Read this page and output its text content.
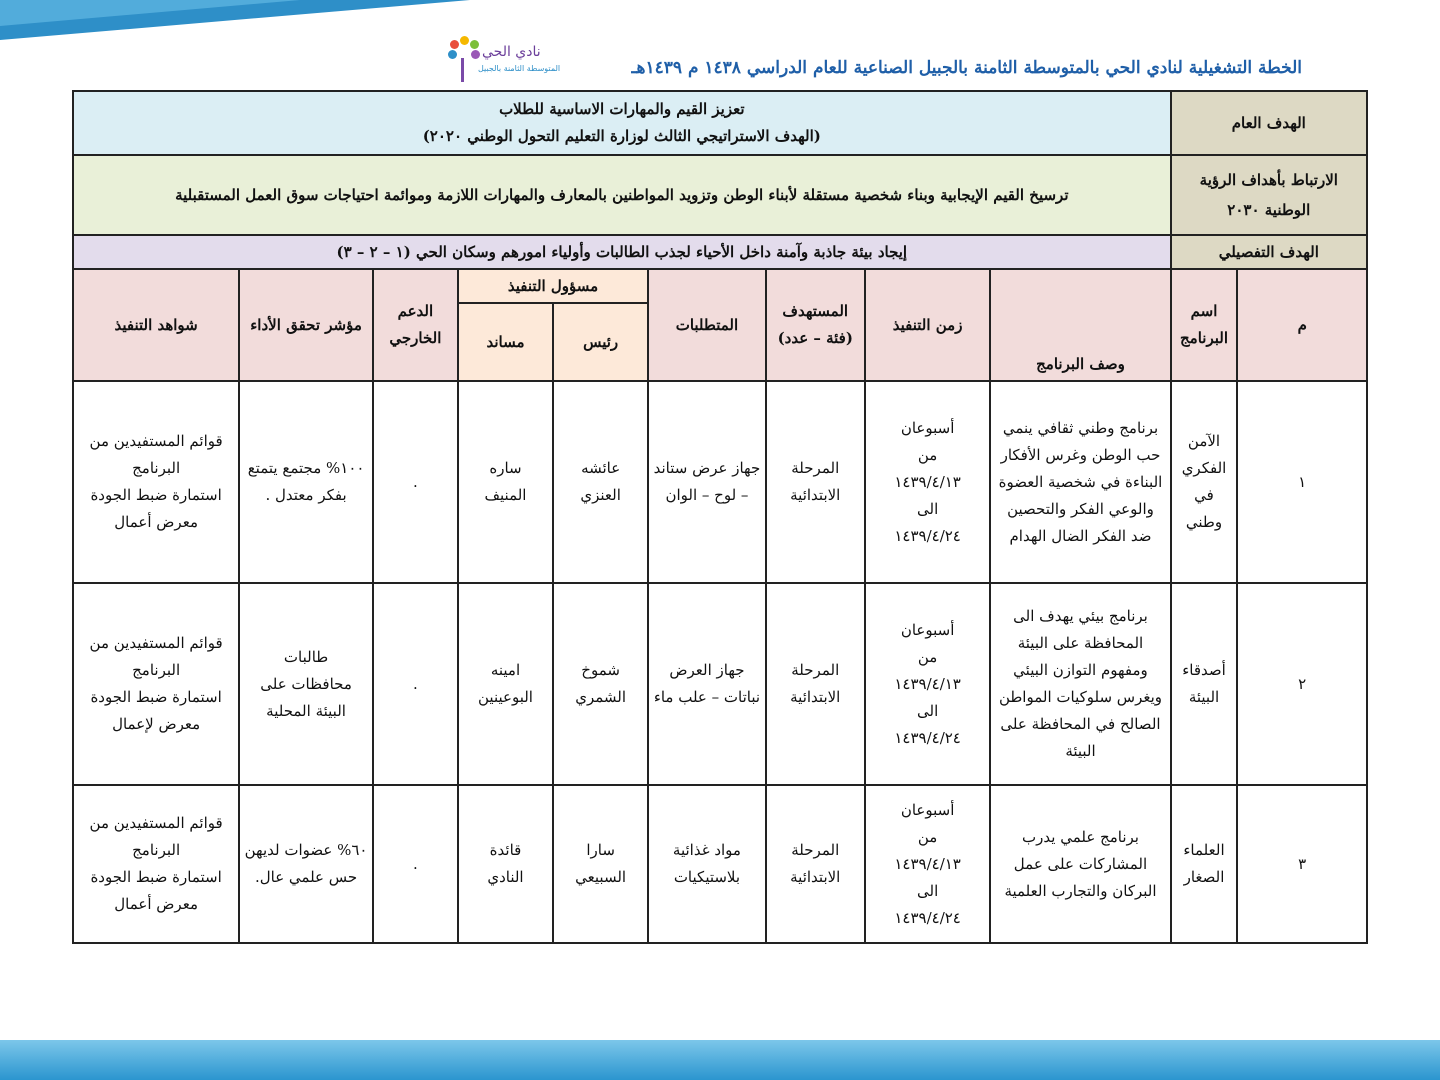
نادي الحي
المتوسطة الثامنة بالجبيل	الخطة التشغيلية لنادي الحي بالمتوسطة الثامنة بالجبيل الصناعية للعام الدراسي ١٤٣٨ م ١٤٣٩هـ
الهدف العام		تعزيز القيم والمهارات الاساسية للطلاب
(الهدف الاستراتيجي الثالث لوزارة التعليم التحول الوطني ٢٠٢٠)								

الارتباط بأهداف الرؤية الوطنية ٢٠٣٠		ترسيخ القيم الإيجابية وبناء شخصية مستقلة لأبناء الوطن وتزويد المواطنين بالمعارف والمهارات اللازمة وموائمة احتياجات سوق العمل المستقبلية								
الهدف التفصيلي		إيجاد بيئة جاذبة وآمنة داخل الأحياء لجذب الطالبات وأولياء امورهم وسكان الحي (١ – ٢ – ٣)								
م	اسم البرنامج	وصف البرنامج	زمن التنفيذ	المستهدف (فئة – عدد)	المتطلبات	مسؤول التنفيذ		الدعم الخارجي	مؤشر تحقق الأداء	شواهد التنفيذ
						رئيس	مساند			
١	الآمن الفكري في وطني	برنامج وطني ثقافي ينمي حب الوطن وغرس الأفكار البناءة في شخصية العضوة والوعي الفكر والتحصين ضد الفكر الضال الهدام	أسبوعان
من
١٤٣٩/٤/١٣
الى
١٤٣٩/٤/٢٤	المرحلة
الابتدائية	جهاز عرض ستاند – لوح – الوان	عائشه
العنزي	ساره
المنيف	.	١٠٠% مجتمع يتمتع بفكر معتدل .	قوائم المستفيدين من البرنامج
استمارة ضبط الجودة
معرض أعمال
٢	أصدقاء البيئة	برنامج بيئي يهدف الى المحافظة على البيئة ومفهوم التوازن البيئي ويغرس سلوكيات المواطن الصالح في المحافظة على البيئة	أسبوعان
من
١٤٣٩/٤/١٣
الى
١٤٣٩/٤/٢٤	المرحلة
الابتدائية	جهاز العرض نباتات – علب ماء	شموخ
الشمري	امينه
البوعينين	.	طالبات
محافظات على
البيئة المحلية	قوائم المستفيدين من البرنامج
استمارة ضبط الجودة
معرض لإعمال
٣	العلماء الصغار	برنامج علمي يدرب المشاركات على عمل البركان والتجارب العلمية	أسبوعان
من
١٤٣٩/٤/١٣
الى
١٤٣٩/٤/٢٤	المرحلة
الابتدائية	مواد غذائية
بلاستيكيات	سارا
السبيعي	قائدة
النادي	.	٦٠% عضوات لديهن حس علمي عال.	قوائم المستفيدين من البرنامج
استمارة ضبط الجودة
معرض أعمال
